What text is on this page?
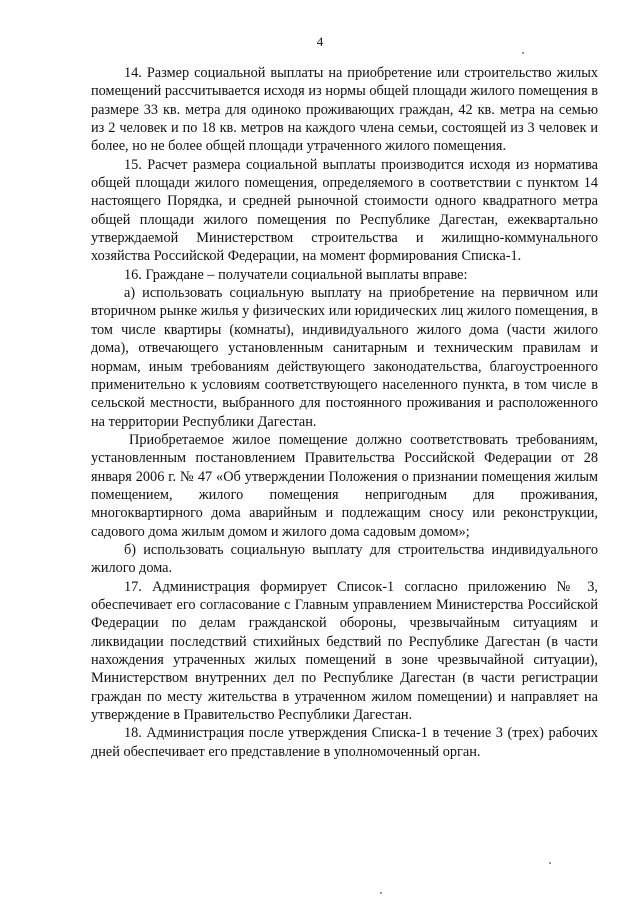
4

14. Размер социальной выплаты на приобретение или строительство жилых помещений рассчитывается исходя из нормы общей площади жилого помещения в размере 33 кв. метра для одиноко проживающих граждан, 42 кв. метра на семью из 2 человек и по 18 кв. метров на каждого члена семьи, состоящей из 3 человек и более, но не более общей площади утраченного жилого помещения.

15. Расчет размера социальной выплаты производится исходя из норматива общей площади жилого помещения, определяемого в соответствии с пунктом 14 настоящего Порядка, и средней рыночной стоимости одного квадратного метра общей площади жилого помещения по Республике Дагестан, ежеквартально утверждаемой Министерством строительства и жилищно-коммунального хозяйства Российской Федерации, на момент формирования Списка-1.

16. Граждане – получатели социальной выплаты вправе:

а) использовать социальную выплату на приобретение на первичном или вторичном рынке жилья у физических или юридических лиц жилого помещения, в том числе квартиры (комнаты), индивидуального жилого дома (части жилого дома), отвечающего установленным санитарным и техническим правилам и нормам, иным требованиям действующего законодательства, благоустроенного применительно к условиям соответствующего населенного пункта, в том числе в сельской местности, выбранного для постоянного проживания и расположенного на территории Республики Дагестан.

Приобретаемое жилое помещение должно соответствовать требованиям, установленным постановлением Правительства Российской Федерации от 28 января 2006 г. № 47 «Об утверждении Положения о признании помещения жилым помещением, жилого помещения непригодным для проживания, многоквартирного дома аварийным и подлежащим сносу или реконструкции, садового дома жилым домом и жилого дома садовым домом»;

б) использовать социальную выплату для строительства индивидуального жилого дома.

17. Администрация формирует Список-1 согласно приложению № 3, обеспечивает его согласование с Главным управлением Министерства Российской Федерации по делам гражданской обороны, чрезвычайным ситуациям и ликвидации последствий стихийных бедствий по Республике Дагестан (в части нахождения утраченных жилых помещений в зоне чрезвычайной ситуации), Министерством внутренних дел по Республике Дагестан (в части регистрации граждан по месту жительства в утраченном жилом помещении) и направляет на утверждение в Правительство Республики Дагестан.

18. Администрация после утверждения Списка-1 в течение 3 (трех) рабочих дней обеспечивает его представление в уполномоченный орган.
